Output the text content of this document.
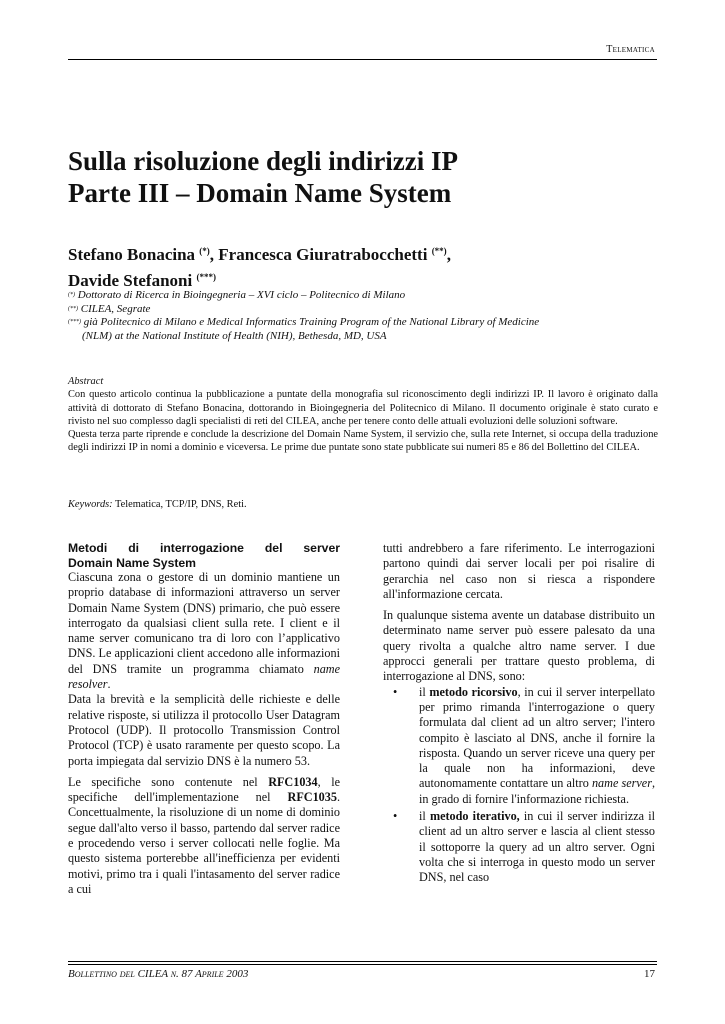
Telematica
Sulla risoluzione degli indirizzi IP
Parte III – Domain Name System
Stefano Bonacina (*), Francesca Giuratrabocchetti (**),
Davide Stefanoni (***)
(*) Dottorato di Ricerca in Bioingegneria – XVI ciclo – Politecnico di Milano
(**) CILEA, Segrate
(***) già Politecnico di Milano e Medical Informatics Training Program of the National Library of Medicine
(NLM) at the National Institute of Health (NIH), Bethesda, MD, USA
Abstract
Con questo articolo continua la pubblicazione a puntate della monografia sul riconoscimento degli indirizzi IP. Il lavoro è originato dalla attività di dottorato di Stefano Bonacina, dottorando in Bioingegneria del Politecnico di Milano. Il documento originale è stato curato e rivisto nel suo complesso dagli specialisti di reti del CILEA, anche per tenere conto delle attuali evoluzioni delle soluzioni software.
Questa terza parte riprende e conclude la descrizione del Domain Name System, il servizio che, sulla rete Internet, si occupa della traduzione degli indirizzi IP in nomi a dominio e viceversa. Le prime due puntate sono state pubblicate sui numeri 85 e 86 del Bollettino del CILEA.
Keywords: Telematica, TCP/IP, DNS, Reti.
Metodi di interrogazione del server
Domain Name System

Ciascuna zona o gestore di un dominio mantiene un proprio database di informazioni attraverso un server Domain Name System (DNS) primario, che può essere interrogato da qualsiasi client sulla rete. I client e il name server comunicano tra di loro con l’applicativo DNS. Le applicazioni client accedono alle informazioni del DNS tramite un programma chiamato name resolver.

Data la brevità e la semplicità delle richieste e delle relative risposte, si utilizza il protocollo User Datagram Protocol (UDP). Il protocollo Transmission Control Protocol (TCP) è usato raramente per questo scopo. La porta impiegata dal servizio DNS è la numero 53.

Le specifiche sono contenute nel RFC1034, le specifiche dell'implementazione nel RFC1035. Concettualmente, la risoluzione di un nome di dominio segue dall'alto verso il basso, partendo dal server radice e procedendo verso i server collocati nelle foglie. Ma questo sistema porterebbe all'inefficienza per evidenti motivi, primo tra i quali l'intasamento del server radice a cui

tutti andrebbero a fare riferimento. Le interrogazioni partono quindi dai server locali per poi risalire di gerarchia nel caso non si riesca a rispondere all'informazione cercata.

In qualunque sistema avente un database distribuito un determinato name server può essere palesato da una query rivolta a qualche altro name server. I due approcci generali per trattare questo problema, di interrogazione al DNS, sono:

• il metodo ricorsivo, in cui il server interpellato per primo rimanda l'interrogazione o query formulata dal client ad un altro server; l'intero compito è lasciato al DNS, anche il fornire la risposta. Quando un server riceve una query per la quale non ha informazioni, deve autonomamente contattare un altro name server, in grado di fornire l'informazione richiesta.
• il metodo iterativo, in cui il server indirizza il client ad un altro server e lascia al client stesso il sottoporre la query ad un altro server. Ogni volta che si interroga in questo modo un server DNS, nel caso
Bollettino del CILEA n. 87 Aprile 2003	17
